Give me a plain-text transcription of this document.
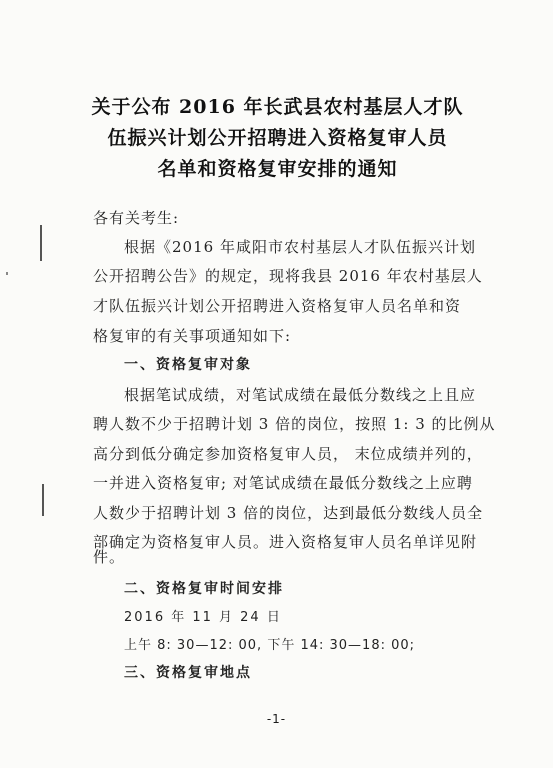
关于公布 2016 年长武县农村基层人才队
伍振兴计划公开招聘进入资格复审人员
名单和资格复审安排的通知
各有关考生:
根据《2016 年咸阳市农村基层人才队伍振兴计划
公开招聘公告》的规定，现将我县 2016 年农村基层人
才队伍振兴计划公开招聘进入资格复审人员名单和资
格复审的有关事项通知如下:
一、资格复审对象
根据笔试成绩，对笔试成绩在最低分数线之上且应
聘人数不少于招聘计划 3 倍的岗位，按照 1: 3 的比例从
高分到低分确定参加资格复审人员， 末位成绩并列的，
一并进入资格复审; 对笔试成绩在最低分数线之上应聘
人数少于招聘计划 3 倍的岗位，达到最低分数线人员全
部确定为资格复审人员。进入资格复审人员名单详见附
件。
二、资格复审时间安排
2016 年 11 月 24 日
上午 8: 30—12: 00, 下午 14: 30—18: 00;
三、资格复审地点
-1-
